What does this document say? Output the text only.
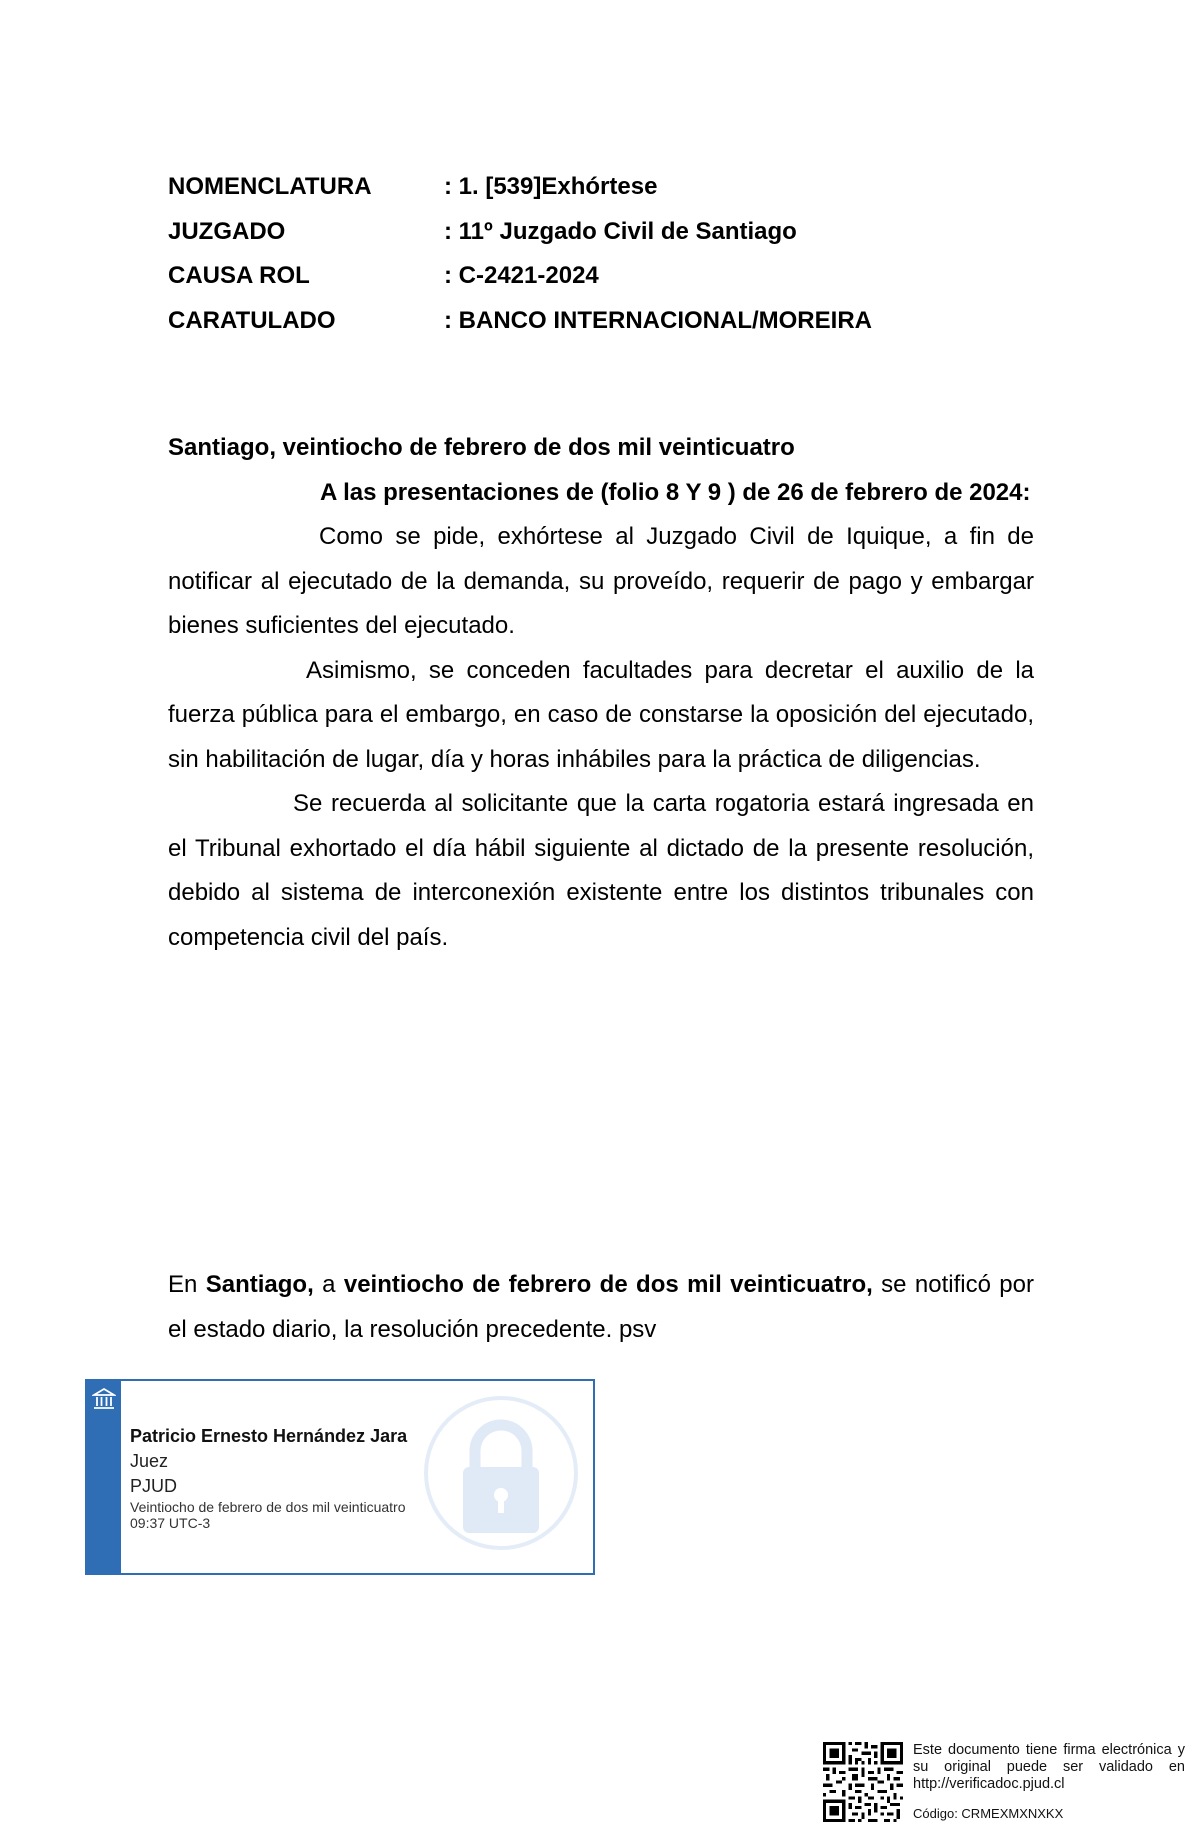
NOMENCLATURA	: 1. [539]Exhórtese
JUZGADO	: 11º Juzgado Civil de Santiago
CAUSA ROL	: C-2421-2024
CARATULADO	: BANCO INTERNACIONAL/MOREIRA

Santiago, veintiocho de febrero de dos mil veinticuatro

A las presentaciones de (folio 8 Y 9 ) de 26 de febrero de 2024:

Como se pide, exhórtese al Juzgado Civil de Iquique, a fin de notificar al ejecutado de la demanda, su proveído, requerir de pago y embargar bienes suficientes del ejecutado.

Asimismo, se conceden facultades para decretar el auxilio de la fuerza pública para el embargo, en caso de constarse la oposición del ejecutado, sin habilitación de lugar, día y horas inhábiles para la práctica de diligencias.

Se recuerda al solicitante que la carta rogatoria estará ingresada en el Tribunal exhortado el día hábil siguiente al dictado de la presente resolución, debido al sistema de interconexión existente entre los distintos tribunales con competencia civil del país.

En Santiago, a veintiocho de febrero de dos mil veinticuatro, se notificó por el estado diario, la resolución precedente. psv

Patricio Ernesto Hernández Jara
Juez
PJUD
Veintiocho de febrero de dos mil veinticuatro
09:37 UTC-3
Este documento tiene firma electrónica y su original puede ser validado en http://verificadoc.pjud.cl
Código: CRMEXMXNXKX
